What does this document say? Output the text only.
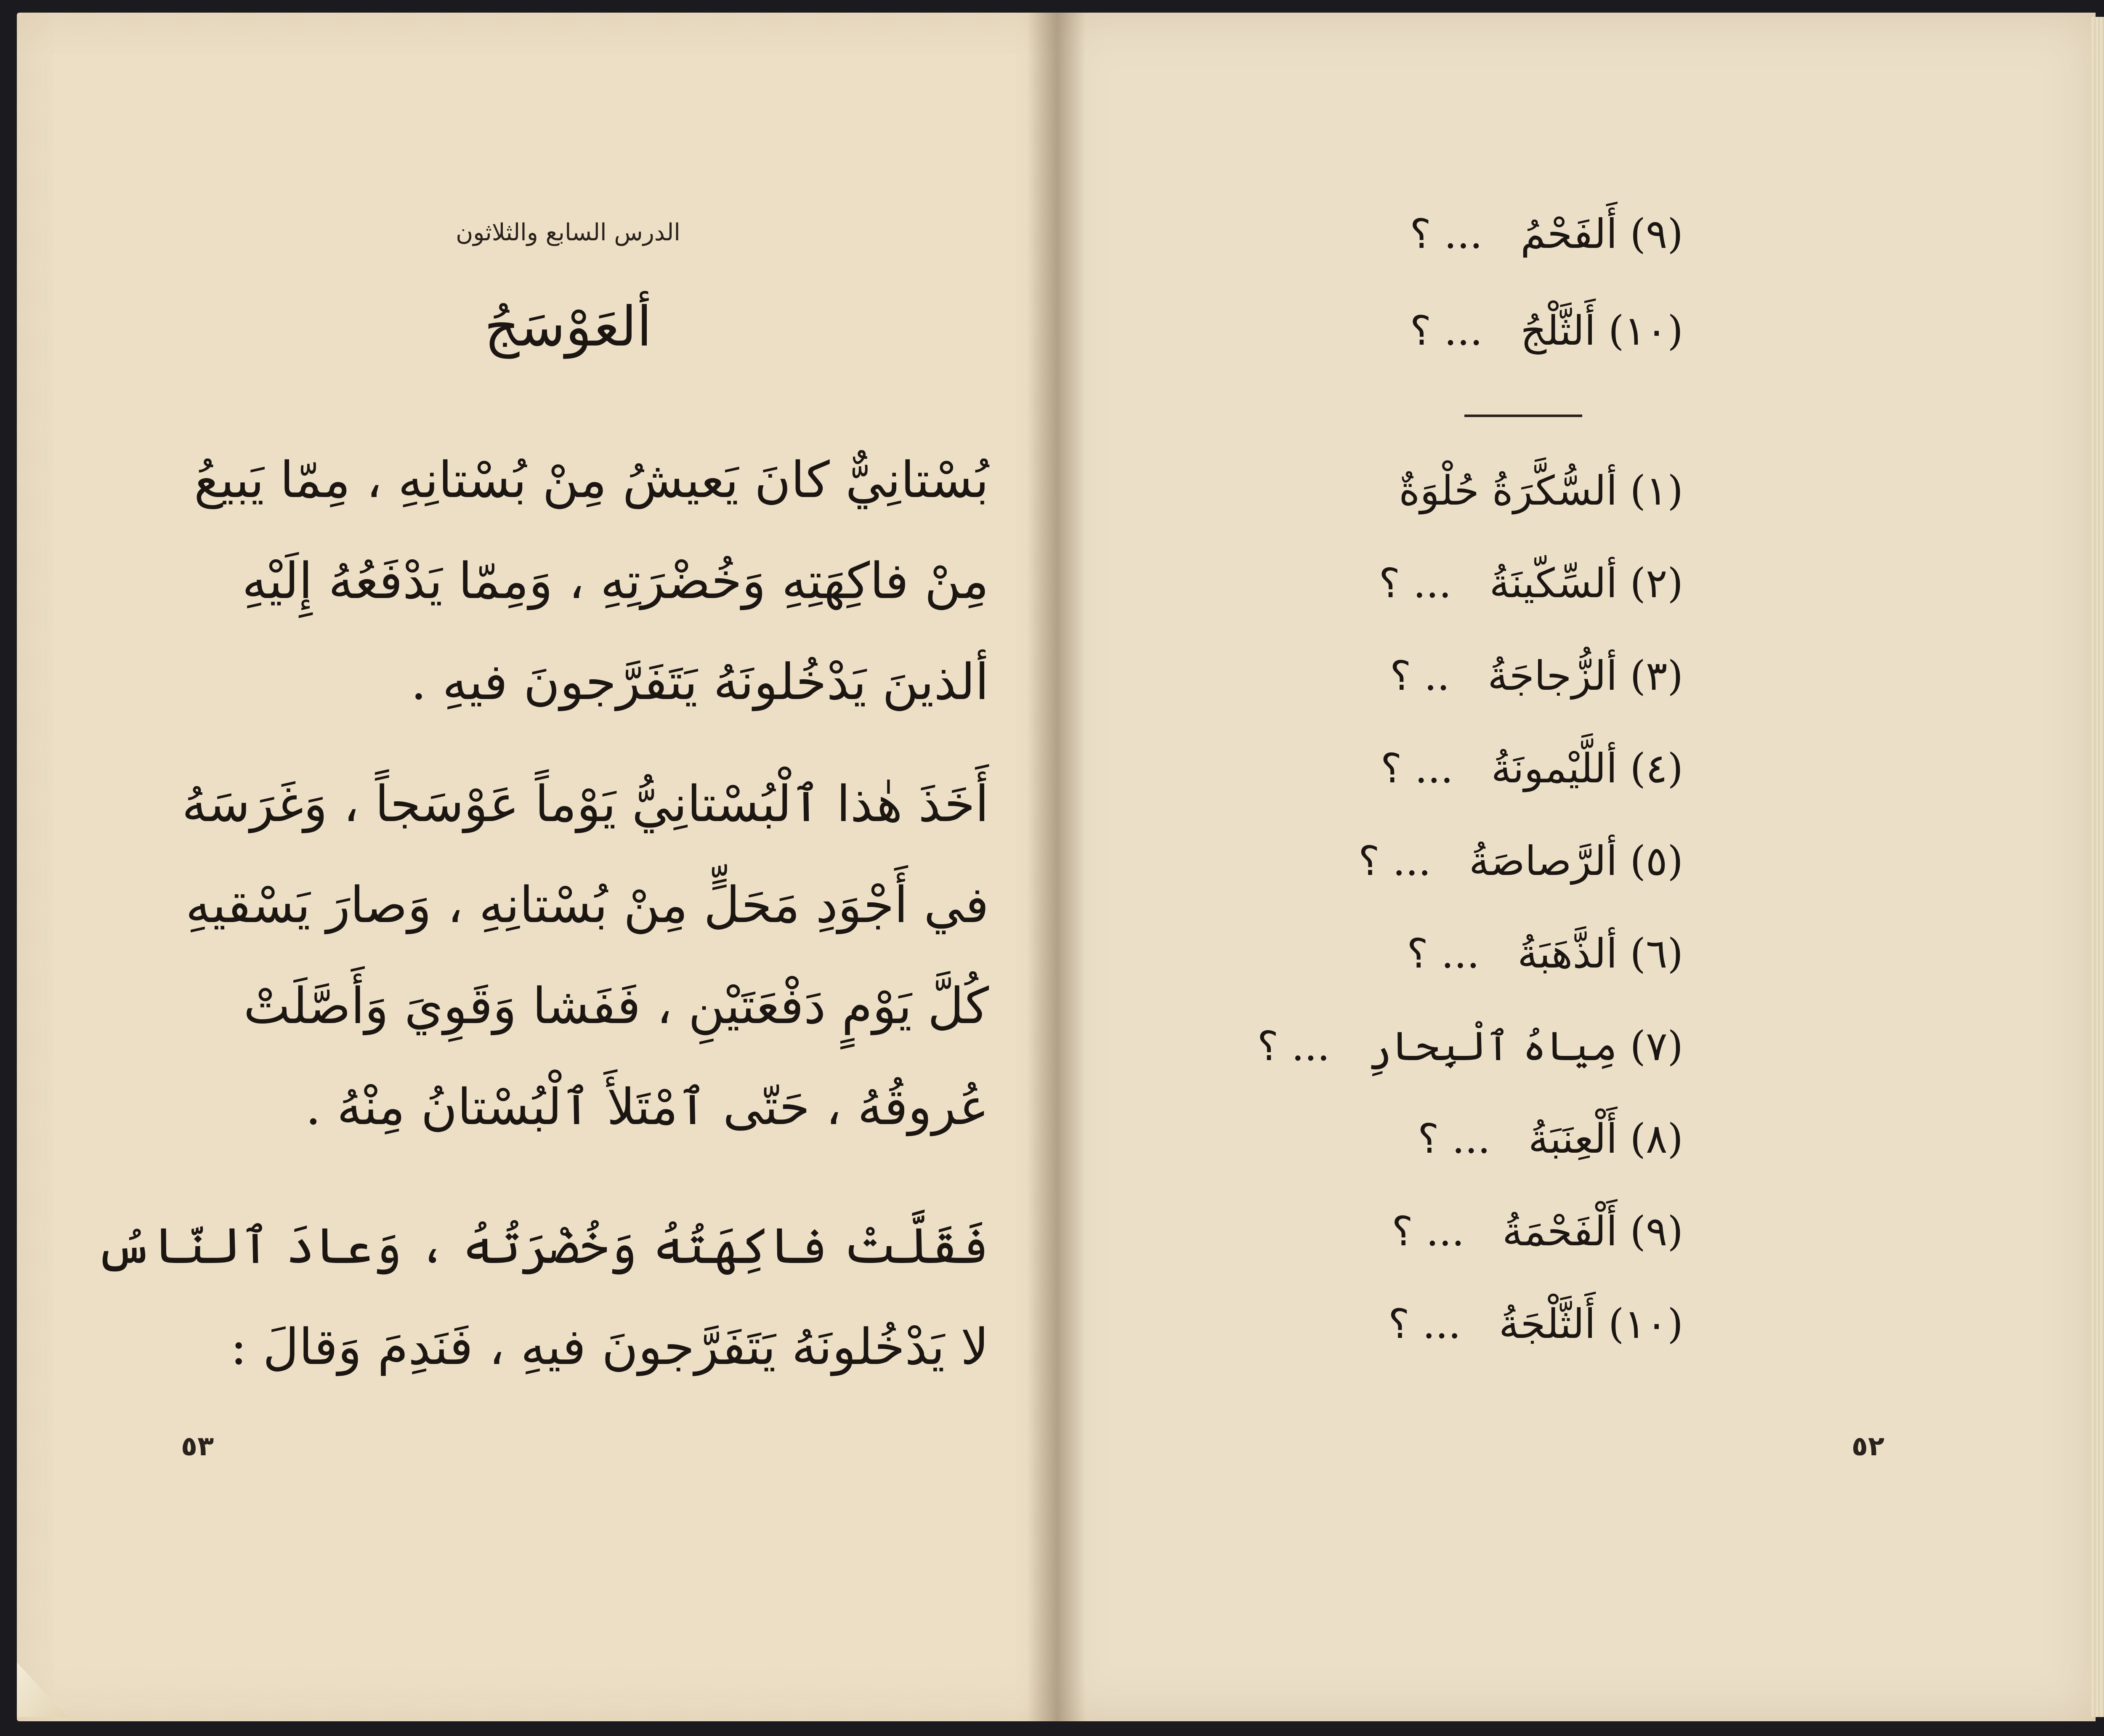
الدرس السابع والثلاثون
ألعَوْسَجُ
بُسْتانِيٌّ كانَ يَعيشُ مِنْ بُسْتانِهِ ، مِمّا يَبيعُ
مِنْ فاكِهَتِهِ وَخُضْرَتِهِ ، وَمِمّا يَدْفَعُهُ إِلَيْهِ
ألذينَ يَدْخُلونَهُ يَتَفَرَّجونَ فيهِ .
أَخَذَ هٰذا ٱلْبُسْتانِيُّ يَوْماً عَوْسَجاً ، وَغَرَسَهُ
في أَجْوَدِ مَحَلٍّ مِنْ بُسْتانِهِ ، وَصارَ يَسْقيهِ
كُلَّ يَوْمٍ دَفْعَتَيْنِ ، فَفَشا وَقَوِيَ وَأَصَّلَتْ
عُروقُهُ ، حَتّى ٱمْتَلأَ ٱلْبُسْتانُ مِنْهُ .
فَقَلَّتْ فاكِهَتُهُ وَخُضْرَتُهُ ، وَعادَ ٱلنّاسُ
لا يَدْخُلونَهُ يَتَفَرَّجونَ فيهِ ، فَنَدِمَ وَقالَ :
٥٣
(٩)أَلفَحْمُ... ؟
(١٠)أَلثَّلْجُ... ؟
(١)ألسُّكَّرَةُ حُلْوَةٌ
(٢)ألسِّكّينَةُ... ؟
(٣)ألزُّجاجَةُ.. ؟
(٤)أللَّيْمونَةُ... ؟
(٥)ألرَّصاصَةُ... ؟
(٦)ألذَّهَبَةُ... ؟
(٧)مِياهُ ٱلْبِحارِ... ؟
(٨)أَلْعِنَبَةُ... ؟
(٩)أَلْفَحْمَةُ... ؟
(١٠)أَلثَّلْجَةُ... ؟
٥٢
